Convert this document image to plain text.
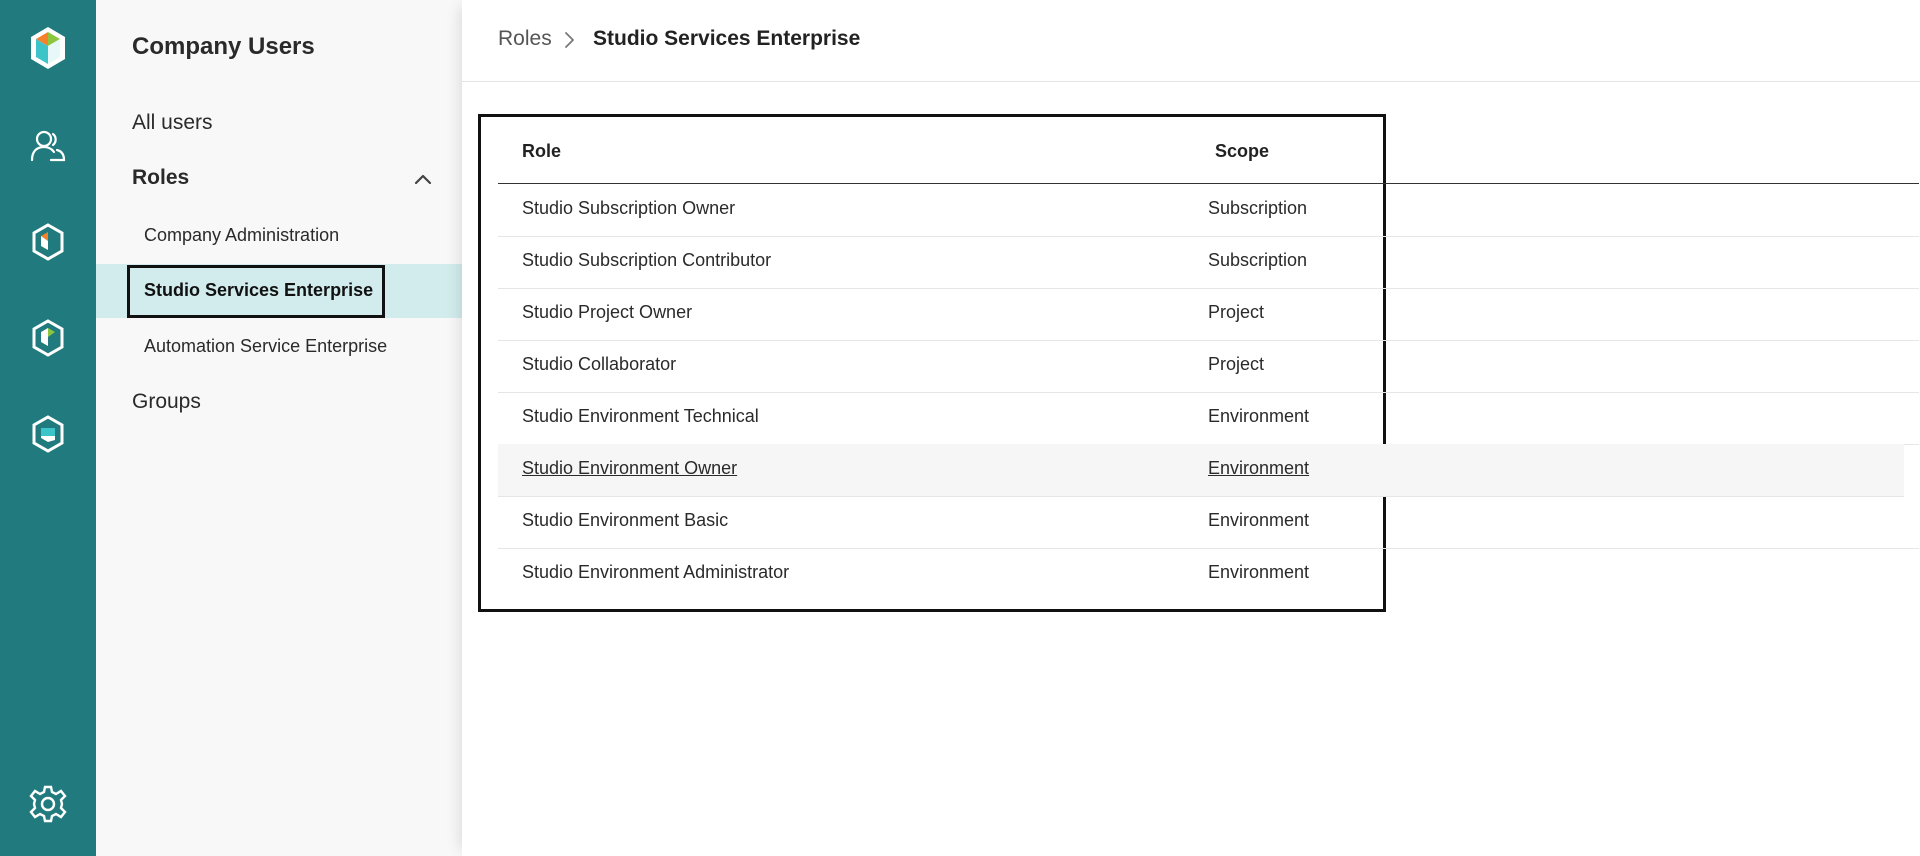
Company Users
All users
Roles
Company Administration
Studio Services Enterprise
Automation Service Enterprise
Groups
Roles Studio Services Enterprise
Role	Scope
Studio Subscription Owner	Subscription
Studio Subscription Contributor	Subscription
Studio Project Owner	Project
Studio Collaborator	Project
Studio Environment Technical	Environment
Studio Environment Owner	Environment
Studio Environment Basic	Environment
Studio Environment Administrator	Environment
